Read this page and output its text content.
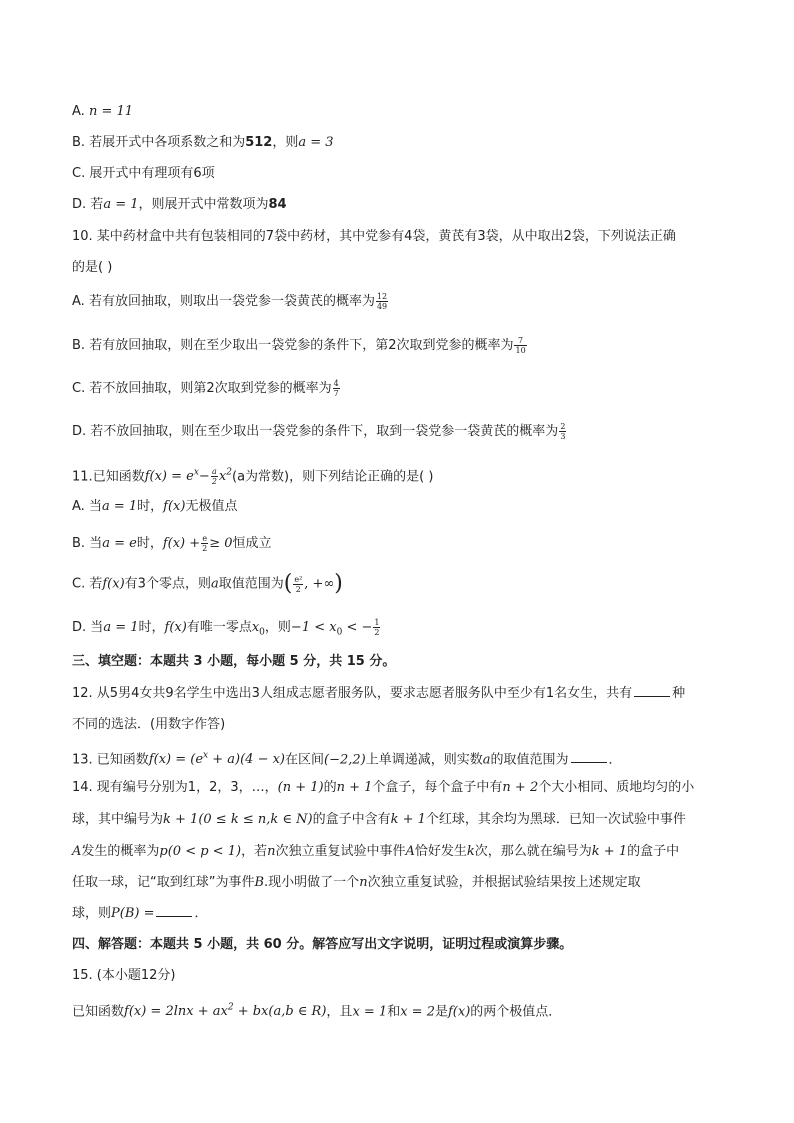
A. n = 11
B. 若展开式中各项系数之和为512，则a = 3
C. 展开式中有理项有6项
D. 若a = 1，则展开式中常数项为84
10. 某中药材盒中共有包装相同的7袋中药材，其中党参有4袋，黄芪有3袋，从中取出2袋，下列说法正确
的是( )
A. 若有放回抽取，则取出一袋党参一袋黄芪的概率为 $\frac{12}{49}$
B. 若有放回抽取，则在至少取出一袋党参的条件下，第2次取到党参的概率为 $\frac{7}{10}$
C. 若不放回抽取，则第2次取到党参的概率为 $\frac{4}{7}$
D. 若不放回抽取，则在至少取出一袋党参的条件下，取到一袋党参一袋黄芪的概率为 $\frac{2}{3}$
11.已知函数$f(x) = e^x- \frac{a}{2} x^2(a$为常数)，则下列结论正确的是( )
A. 当a = 1时，f(x)无极值点
B. 当a = e时，$f(x) + \frac{e}{2} \ge 0$恒成立
C. 若f(x)有3个零点，则a取值范围为( $\frac{\text{e²}}{2}$ , +∞)
D. 当a = 1时，f(x)有唯一零点$x_0$，则$-1 < x_0$ < − $\frac{1}{2}$
三、填空题：本题共 3 小题，每小题 5 分，共 15 分。
12. 从5男4女共9名学生中选出3人组成志愿者服务队，要求志愿者服务队中至少有1名女生，共有	种
不同的选法．(用数字作答)
13. 已知函数$f(x) = (e^x + a)(4 - x)$在区间(−2,2)上单调递减，则实数a的取值范围为	．
14. 现有编号分别为1，2，3，…，(n + 1)的n + 1个盒子，每个盒子中有n + 2个大小相同、质地均匀的小
球，其中编号为k + 1(0 ≤ k ≤ n,k ∈ N)的盒子中含有k + 1个红球，其余均为黑球．已知一次试验中事件
A发生的概率为p(0 < p < 1)，若n次独立重复试验中事件A恰好发生k次，那么就在编号为k + 1的盒子中
任取一球，记“取到红球”为事件B.现小明做了一个n次独立重复试验，并根据试验结果按上述规定取
球，则P(B) =	．
四、解答题：本题共 5 小题，共 60 分。解答应写出文字说明，证明过程或演算步骤。
15. (本小题12分)
已知函数$f(x) = 2\ln x + ax^2 + bx(a,b$ ∈ R)，且x = 1和x = 2是f(x)的两个极值点．
